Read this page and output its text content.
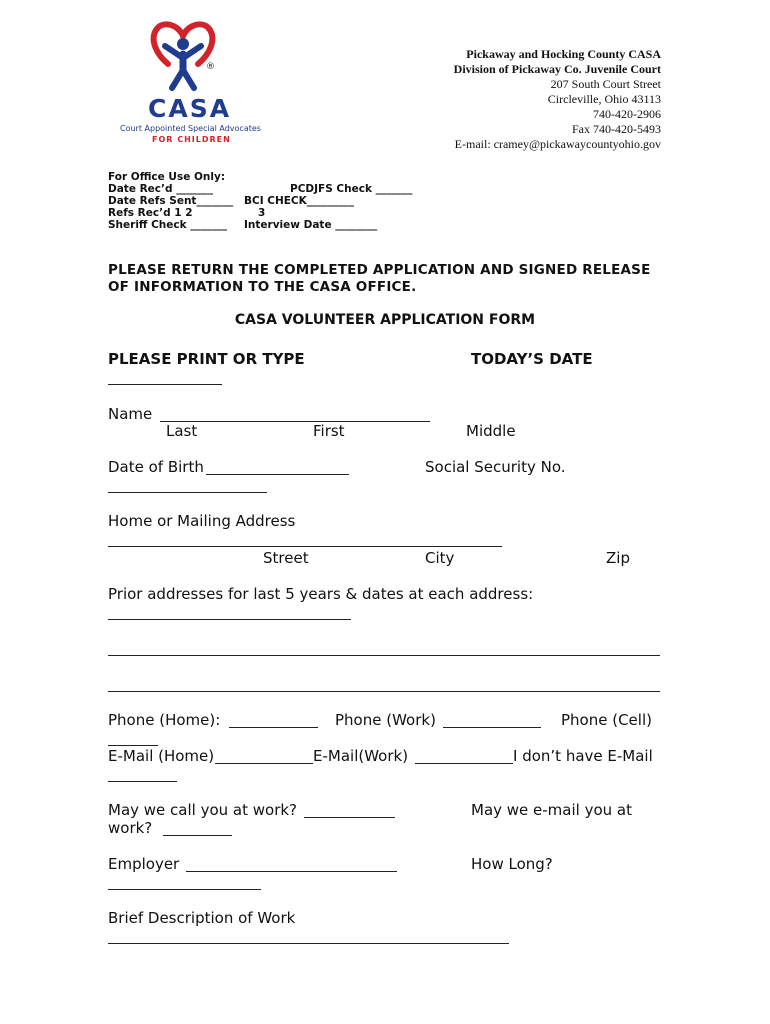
®
CASA
Court Appointed Special Advocates
FOR CHILDREN
Pickaway and Hocking County CASA
Division of Pickaway Co. Juvenile Court
207 South Court Street
Circleville, Ohio 43113
740-420-2906
Fax 740-420-5493
E-mail: cramey@pickawaycountyohio.gov
For Office Use Only:
Date Rec’d _______	PCDJFS Check _______
Date Refs Sent_______ BCI CHECK_________
Refs Rec’d 1 2	3
Sheriff Check _______ Interview Date ________
PLEASE RETURN THE COMPLETED APPLICATION AND SIGNED RELEASE
OF INFORMATION TO THE CASA OFFICE.
CASA VOLUNTEER APPLICATION FORM
PLEASE PRINT OR TYPE	TODAY’S DATE
Name
Last	First	Middle
Date of Birth	Social Security No.
Home or Mailing Address
Street	City	Zip
Prior addresses for last 5 years & dates at each address:
Phone (Home):	Phone (Work)	Phone (Cell)
E-Mail (Home)	E-Mail(Work)	I don’t have E-Mail
May we call you at work?	May we e-mail you at
work?
Employer	How Long?
Brief Description of Work
